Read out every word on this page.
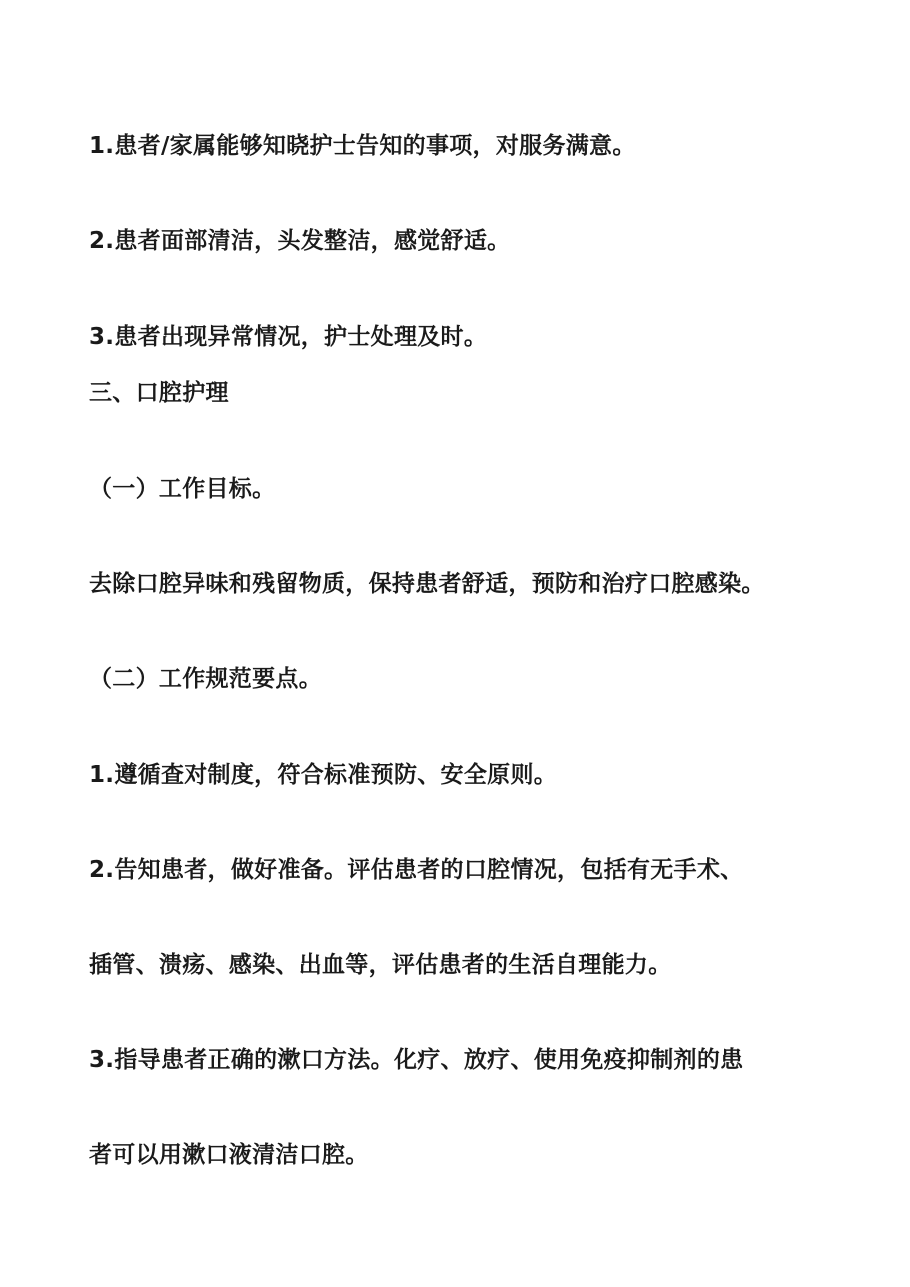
1.患者/家属能够知晓护士告知的事项，对服务满意。

2.患者面部清洁，头发整洁，感觉舒适。

3.患者出现异常情况，护士处理及时。

三、口腔护理

（一）工作目标。

去除口腔异味和残留物质，保持患者舒适，预防和治疗口腔感染。

（二）工作规范要点。

1.遵循查对制度，符合标准预防、安全原则。

2.告知患者，做好准备。评估患者的口腔情况，包括有无手术、

插管、溃疡、感染、出血等，评估患者的生活自理能力。

3.指导患者正确的漱口方法。化疗、放疗、使用免疫抑制剂的患

者可以用漱口液清洁口腔。
